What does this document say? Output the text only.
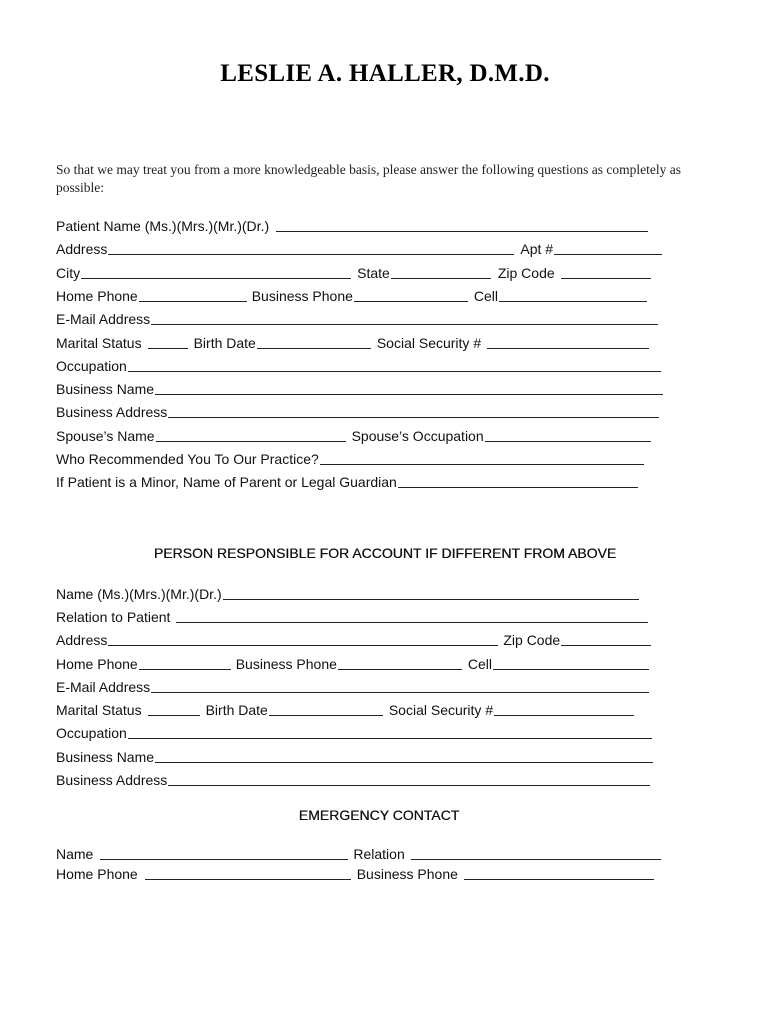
LESLIE A. HALLER, D.M.D.
So that we may treat you from a more knowledgeable basis, please answer the following questions as completely as possible:
Patient Name (Ms.)(Mrs.)(Mr.)(Dr.)
Address	Apt #
City	State	Zip Code
Home Phone	Business Phone	Cell
E-Mail Address
Marital Status	Birth Date	Social Security #
Occupation
Business Name
Business Address
Spouse’s Name	Spouse’s Occupation
Who Recommended You To Our Practice?
If Patient is a Minor, Name of Parent or Legal Guardian
PERSON RESPONSIBLE FOR ACCOUNT IF DIFFERENT FROM ABOVE
Name (Ms.)(Mrs.)(Mr.)(Dr.)
Relation to Patient
Address	Zip Code
Home Phone	Business Phone	Cell
E-Mail Address
Marital Status	Birth Date	Social Security #
Occupation
Business Name
Business Address
EMERGENCY CONTACT
Name	Relation
Home Phone	Business Phone
